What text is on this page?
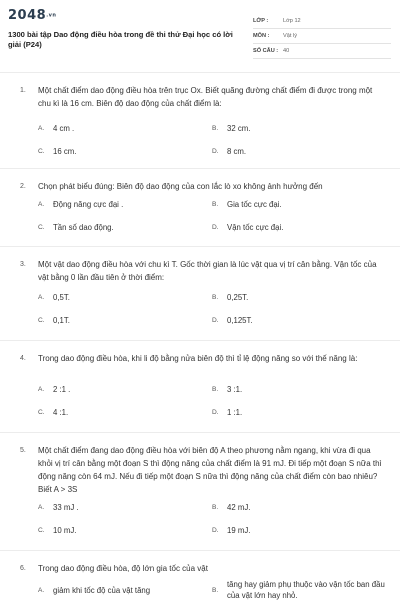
2048.vn
1300 bài tập Dao động điều hòa trong đề thi thử Đại học có lời giải (P24)
LỚP :	Lớp 12
MÔN :	Vật lý
SỐ CÂU : 40
1. Một chất điểm dao động điều hòa trên trục Ox. Biết quãng đường chất điểm đi được trong một chu kì là 16 cm. Biên độ dao động của chất điểm là:
A.	4 cm .	B.	32 cm.
C.	16 cm.	D.	8 cm.
2. Chọn phát biểu đúng: Biên độ dao động của con lắc lò xo không ảnh hưởng đến
A.	Động năng cực đại .	B.	Gia tốc cực đại.
C.	Tần số dao động.	D.	Vận tốc cực đại.
3. Một vật dao động điều hòa với chu kì T. Gốc thời gian là lúc vật qua vị trí cân bằng. Vận tốc của vật bằng 0 lần đầu tiên ở thời điểm:
A.	0,5T.	B.	0,25T.
C.	0,1T.	D.	0,125T.
4. Trong dao động điều hòa, khi li độ bằng nửa biên độ thì tỉ lệ động năng so với thế năng là:
A.	2 :1 .	B.	3 :1.
C.	4 :1.	D.	1 :1.
5. Một chất điểm đang dao động điều hòa với biên độ A theo phương nằm ngang, khi vừa đi qua khỏi vị trí cân bằng một đoạn S thì động năng của chất điểm là 91 mJ. Đi tiếp một đoạn S nữa thì động năng còn 64 mJ. Nếu đi tiếp một đoạn S nữa thì động năng của chất điểm còn bao nhiêu? Biết A > 3S
A.	33 mJ .	B.	42 mJ.
C.	10 mJ.	D.	19 mJ.
6. Trong dao động điều hòa, độ lớn gia tốc của vật
A.	giảm khi tốc độ của vật tăng	B.
tăng hay giảm phụ thuộc vào vận tốc ban đầu của vật lớn hay nhỏ.
